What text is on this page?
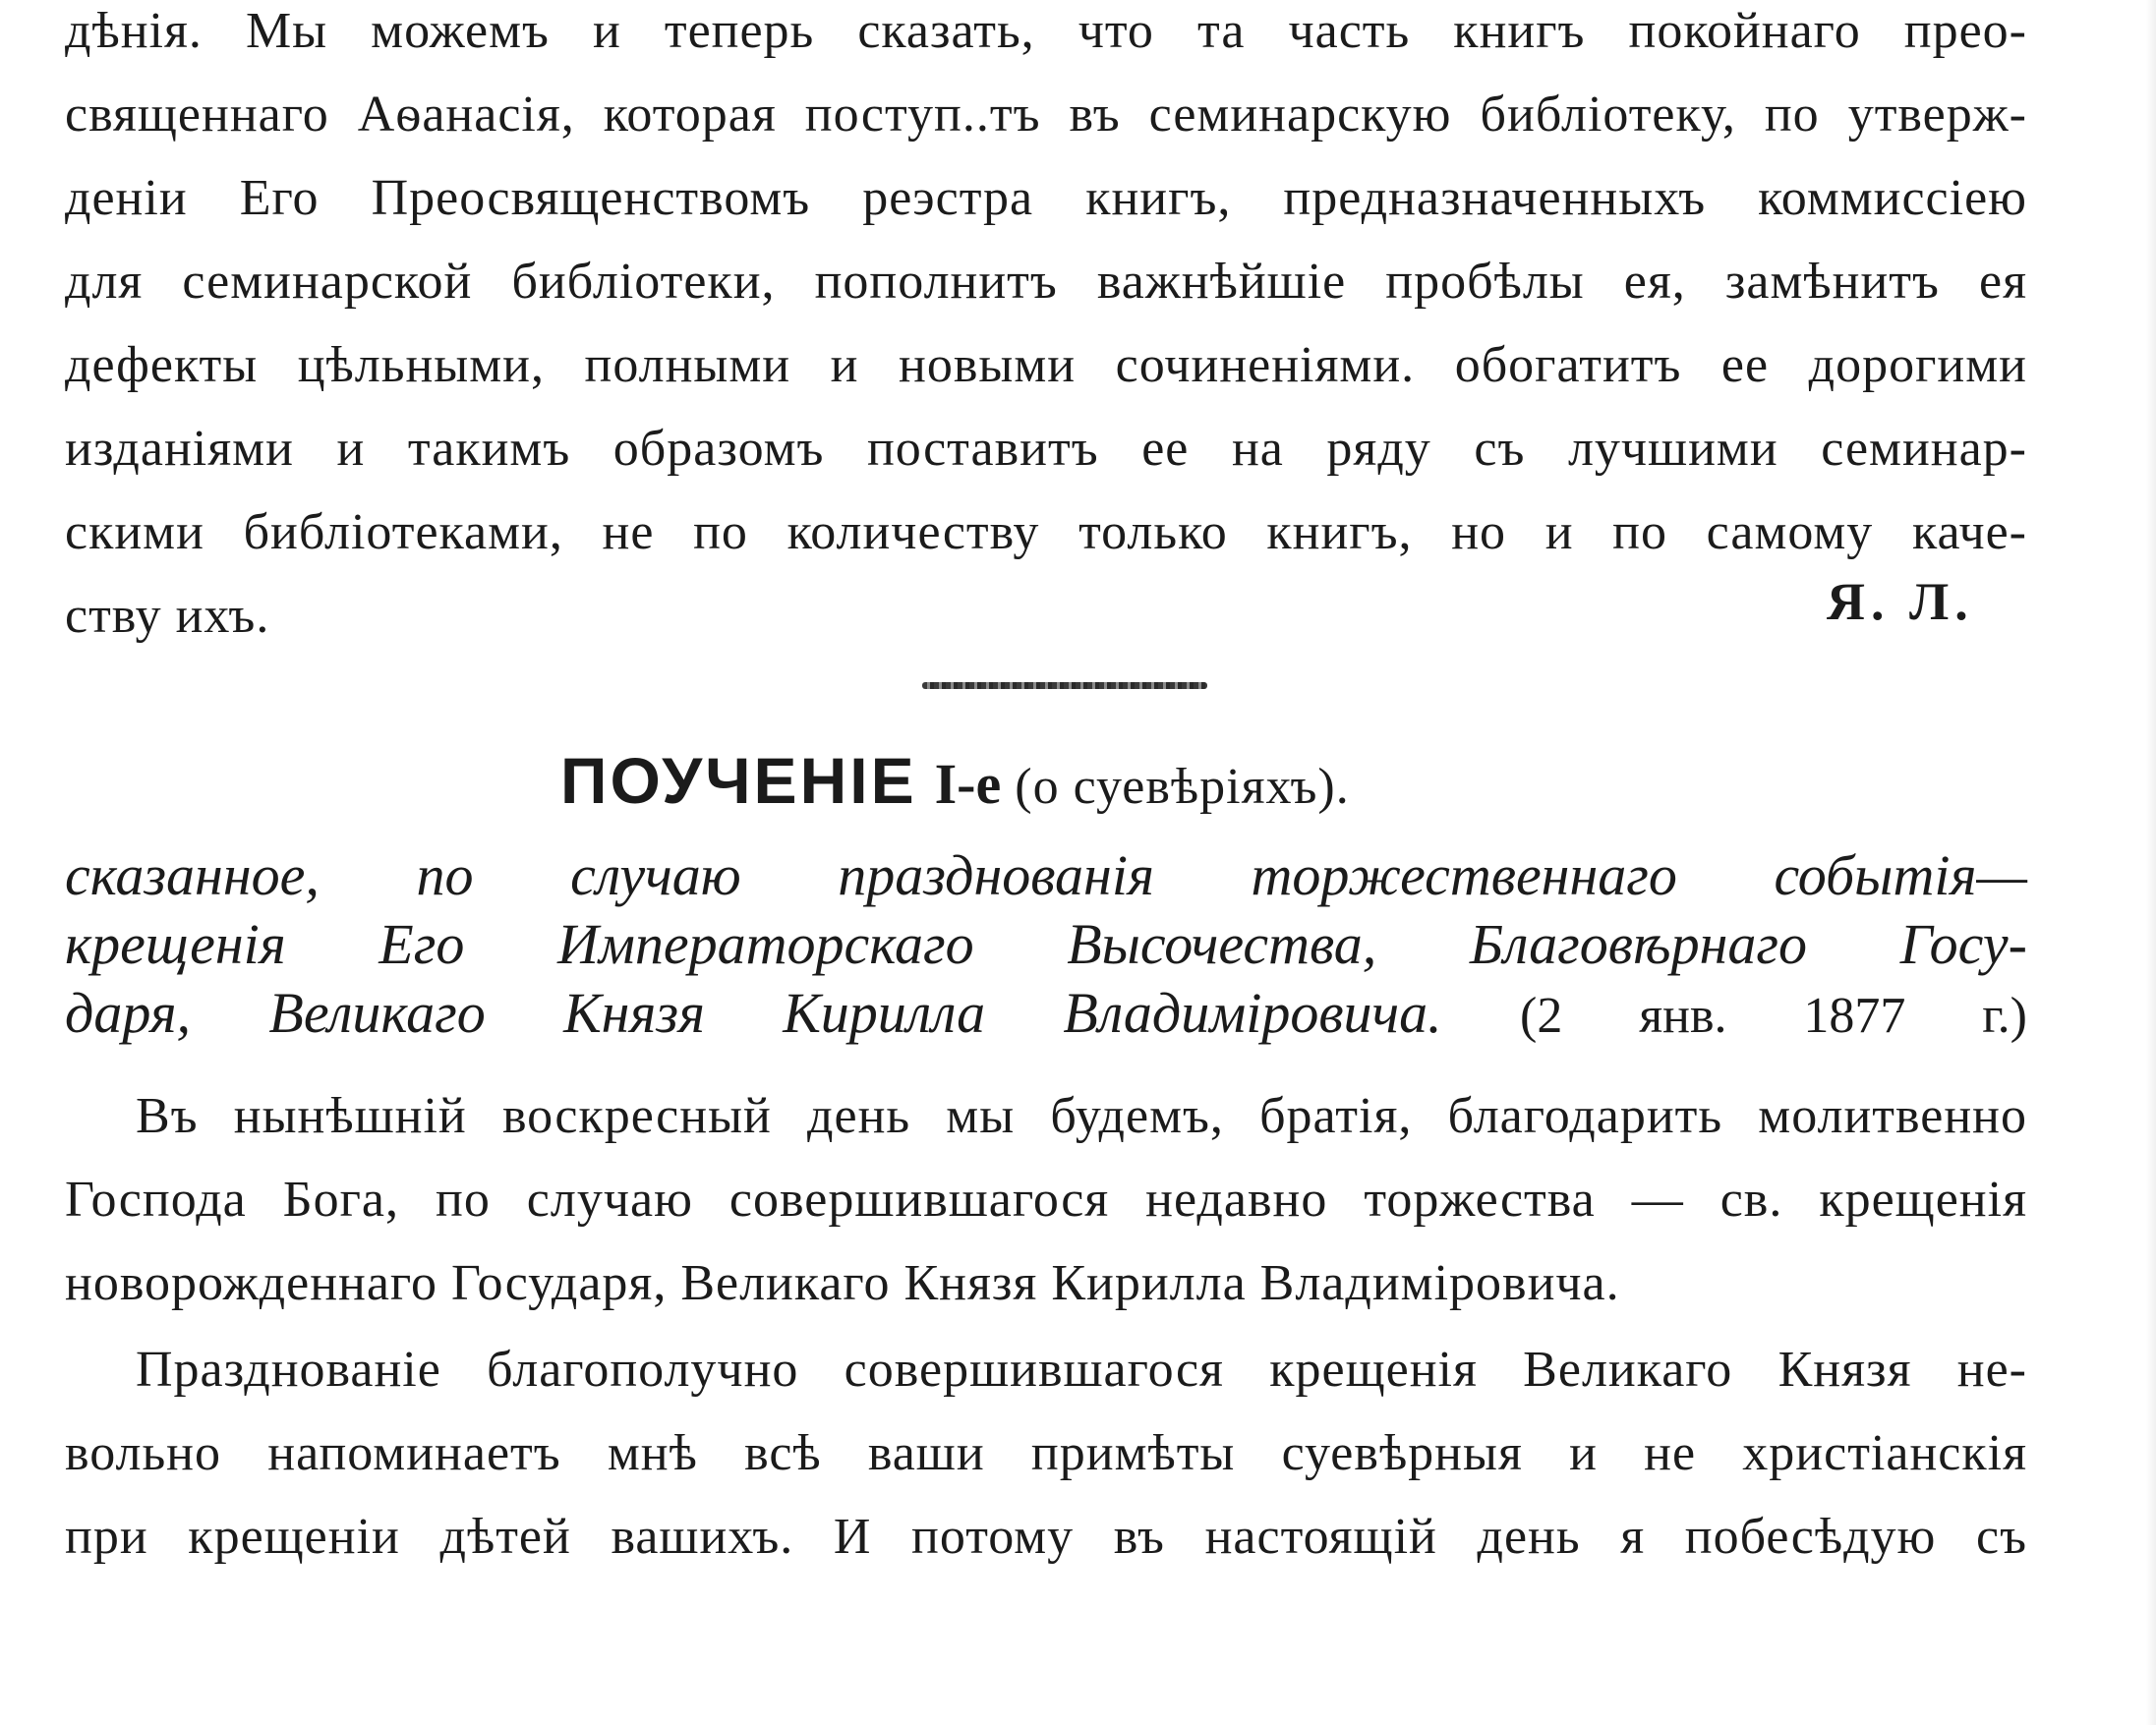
дѣнія. Мы можемъ и теперь сказать, что та часть книгъ покойнаго прео-
священнаго Аѳанасія, которая поступ..тъ въ семинарскую библіотеку, по утверж-
деніи Его Преосвященствомъ реэстра книгъ, предназначенныхъ коммиссіею
для семинарской библіотеки, пополнитъ важнѣйшіе пробѣлы ея, замѣнитъ ея
дефекты цѣльными, полными и новыми сочиненіями. обогатитъ ее дорогими
изданіями и такимъ образомъ поставитъ ее на ряду съ лучшими семинар-
скими библіотеками, не по количеству только книгъ, но и по самому каче-
ству ихъ.	Я. Л.
ПОУЧЕНІЕ I-е (о суевѣріяхъ).
сказанное, по случаю празднованія торжественнаго событія—
крещенія Его Императорскаго Высочества, Благовѣрнаго Госу-
даря, Великаго Князя Кирилла Владиміровича. (2 янв. 1877 г.)
Въ нынѣшній воскресный день мы будемъ, братія, благодарить молитвенно
Господа Бога, по случаю совершившагося недавно торжества — св. крещенія
новорожденнаго Государя, Великаго Князя Кирилла Владиміровича.
Празднованіе благополучно совершившагося крещенія Великаго Князя не-
вольно напоминаетъ мнѣ всѣ ваши примѣты суевѣрныя и не христіанскія
при крещеніи дѣтей вашихъ. И потому въ настоящій день я побесѣдую съ
